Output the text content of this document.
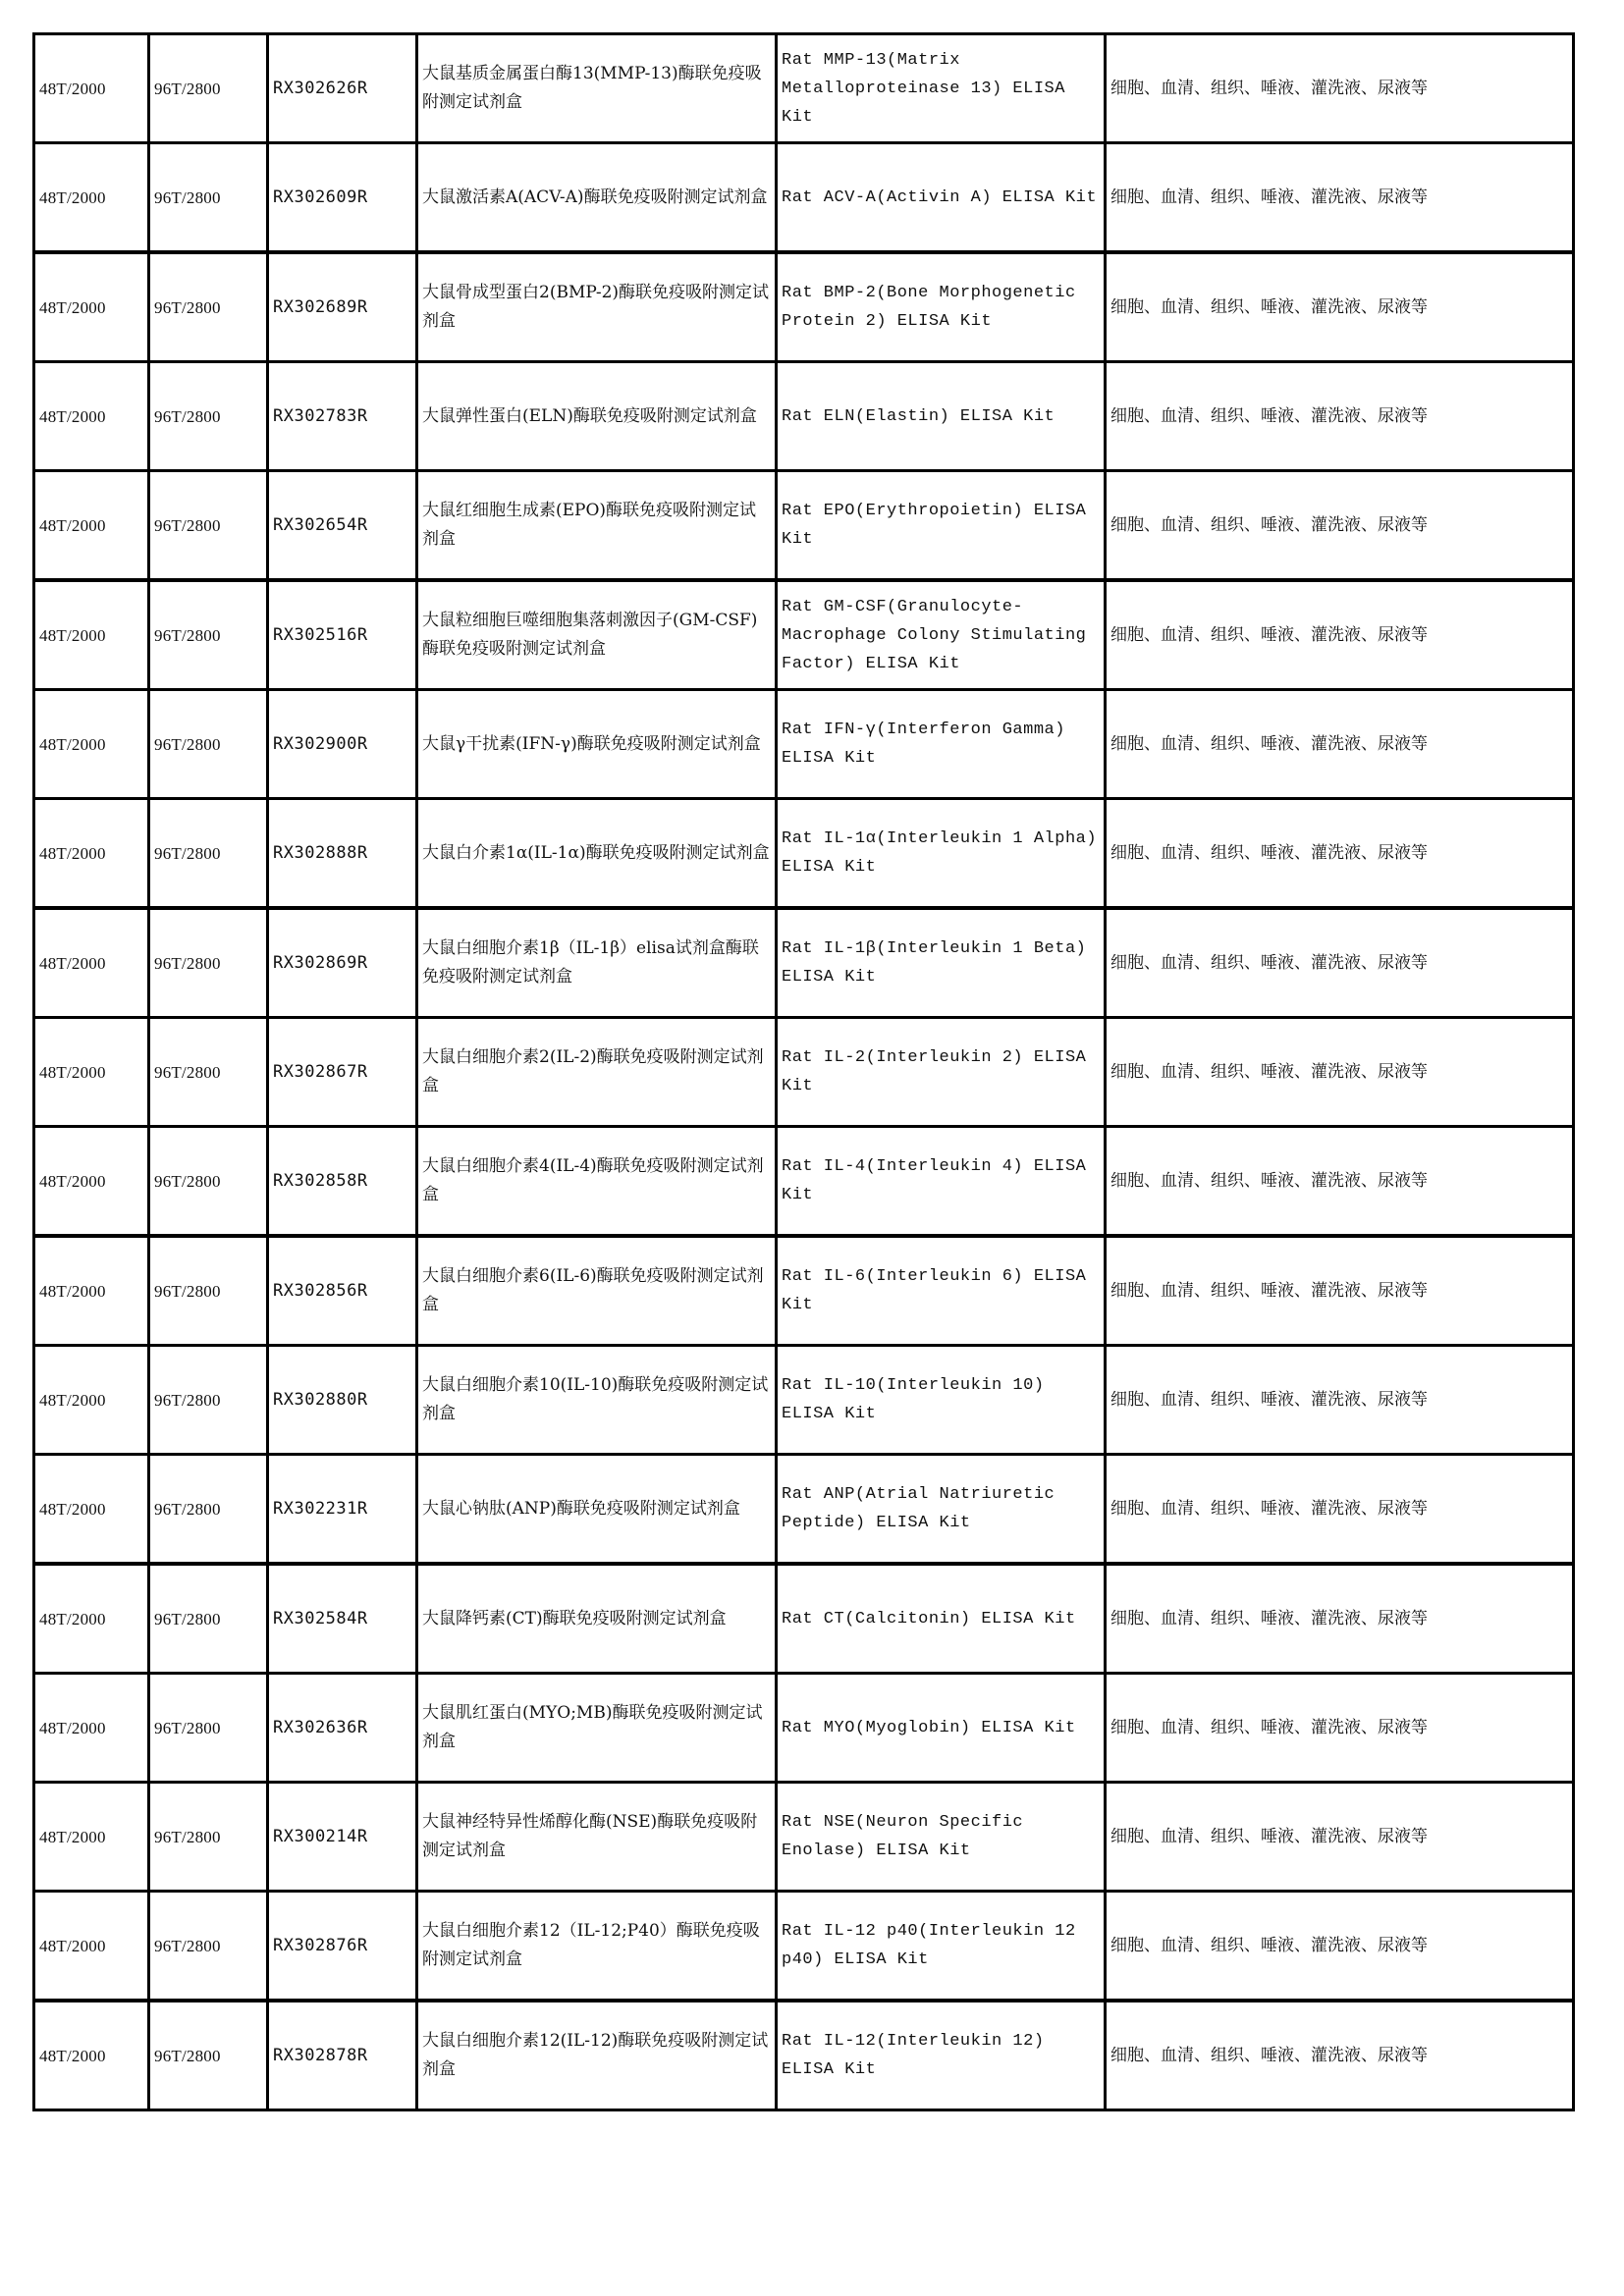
48T/2000	96T/2800	RX302626R	大鼠基质金属蛋白酶13(MMP-13)酶联免疫吸附测定试剂盒	Rat MMP-13(Matrix Metalloproteinase 13) ELISA Kit	细胞、血清、组织、唾液、灌洗液、尿液等
48T/2000	96T/2800	RX302609R	大鼠激活素A(ACV-A)酶联免疫吸附测定试剂盒	Rat ACV-A(Activin A) ELISA Kit	细胞、血清、组织、唾液、灌洗液、尿液等
48T/2000	96T/2800	RX302689R	大鼠骨成型蛋白2(BMP-2)酶联免疫吸附测定试剂盒	Rat BMP-2(Bone Morphogenetic Protein 2) ELISA Kit	细胞、血清、组织、唾液、灌洗液、尿液等
48T/2000	96T/2800	RX302783R	大鼠弹性蛋白(ELN)酶联免疫吸附测定试剂盒	Rat ELN(Elastin) ELISA Kit	细胞、血清、组织、唾液、灌洗液、尿液等
48T/2000	96T/2800	RX302654R	大鼠红细胞生成素(EPO)酶联免疫吸附测定试剂盒	Rat EPO(Erythropoietin) ELISA Kit	细胞、血清、组织、唾液、灌洗液、尿液等
48T/2000	96T/2800	RX302516R	大鼠粒细胞巨噬细胞集落刺激因子(GM-CSF)酶联免疫吸附测定试剂盒	Rat GM-CSF(Granulocyte-Macrophage Colony Stimulating Factor) ELISA Kit	细胞、血清、组织、唾液、灌洗液、尿液等
48T/2000	96T/2800	RX302900R	大鼠γ干扰素(IFN-γ)酶联免疫吸附测定试剂盒	Rat IFN-γ(Interferon Gamma) ELISA Kit	细胞、血清、组织、唾液、灌洗液、尿液等
48T/2000	96T/2800	RX302888R	大鼠白介素1α(IL-1α)酶联免疫吸附测定试剂盒	Rat IL-1α(Interleukin 1 Alpha) ELISA Kit	细胞、血清、组织、唾液、灌洗液、尿液等
48T/2000	96T/2800	RX302869R	大鼠白细胞介素1β（IL-1β）elisa试剂盒酶联免疫吸附测定试剂盒	Rat IL-1β(Interleukin 1 Beta) ELISA Kit	细胞、血清、组织、唾液、灌洗液、尿液等
48T/2000	96T/2800	RX302867R	大鼠白细胞介素2(IL-2)酶联免疫吸附测定试剂盒	Rat IL-2(Interleukin 2) ELISA Kit	细胞、血清、组织、唾液、灌洗液、尿液等
48T/2000	96T/2800	RX302858R	大鼠白细胞介素4(IL-4)酶联免疫吸附测定试剂盒	Rat IL-4(Interleukin 4) ELISA Kit	细胞、血清、组织、唾液、灌洗液、尿液等
48T/2000	96T/2800	RX302856R	大鼠白细胞介素6(IL-6)酶联免疫吸附测定试剂盒	Rat IL-6(Interleukin 6) ELISA Kit	细胞、血清、组织、唾液、灌洗液、尿液等
48T/2000	96T/2800	RX302880R	大鼠白细胞介素10(IL-10)酶联免疫吸附测定试剂盒	Rat IL-10(Interleukin 10) ELISA Kit	细胞、血清、组织、唾液、灌洗液、尿液等
48T/2000	96T/2800	RX302231R	大鼠心钠肽(ANP)酶联免疫吸附测定试剂盒	Rat ANP(Atrial Natriuretic Peptide) ELISA Kit	细胞、血清、组织、唾液、灌洗液、尿液等
48T/2000	96T/2800	RX302584R	大鼠降钙素(CT)酶联免疫吸附测定试剂盒	Rat CT(Calcitonin) ELISA Kit	细胞、血清、组织、唾液、灌洗液、尿液等
48T/2000	96T/2800	RX302636R	大鼠肌红蛋白(MYO;MB)酶联免疫吸附测定试剂盒	Rat MYO(Myoglobin) ELISA Kit	细胞、血清、组织、唾液、灌洗液、尿液等
48T/2000	96T/2800	RX300214R	大鼠神经特异性烯醇化酶(NSE)酶联免疫吸附测定试剂盒	Rat NSE(Neuron Specific Enolase) ELISA Kit	细胞、血清、组织、唾液、灌洗液、尿液等
48T/2000	96T/2800	RX302876R	大鼠白细胞介素12（IL-12;P40）酶联免疫吸附测定试剂盒	Rat IL-12 p40(Interleukin 12 p40) ELISA Kit	细胞、血清、组织、唾液、灌洗液、尿液等
48T/2000	96T/2800	RX302878R	大鼠白细胞介素12(IL-12)酶联免疫吸附测定试剂盒	Rat IL-12(Interleukin 12) ELISA Kit	细胞、血清、组织、唾液、灌洗液、尿液等
